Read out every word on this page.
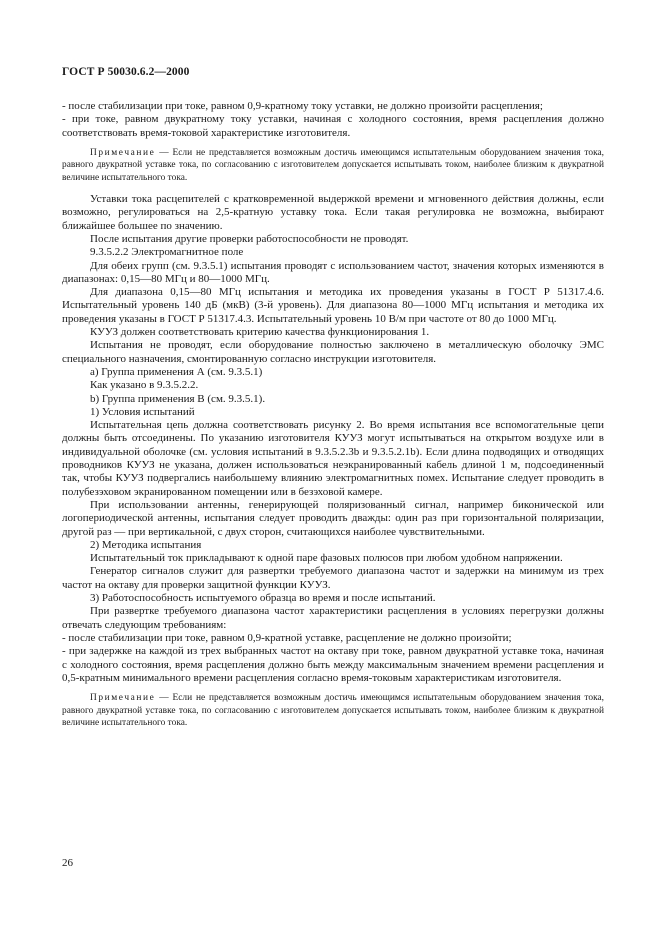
ГОСТ Р 50030.6.2—2000

- после стабилизации при токе, равном 0,9-кратному току уставки, не должно произойти расцепления;

- при токе, равном двукратному току уставки, начиная с холодного состояния, время расцепления должно соответствовать время-токовой характеристике изготовителя.

Примечание — Если не представляется возможным достичь имеющимся испытательным оборудованием значения тока, равного двукратной уставке тока, по согласованию с изготовителем допускается испытывать током, наиболее близким к двукратной величине испытательного тока.

Уставки тока расцепителей с кратковременной выдержкой времени и мгновенного действия должны, если возможно, регулироваться на 2,5-кратную уставку тока. Если такая регулировка не возможна, выбирают ближайшее большее по значению.

После испытания другие проверки работоспособности не проводят.

9.3.5.2.2 Электромагнитное поле

Для обеих групп (см. 9.3.5.1) испытания проводят с использованием частот, значения которых изменяются в диапазонах: 0,15—80 МГц и 80—1000 МГц.

Для диапазона 0,15—80 МГц испытания и методика их проведения указаны в ГОСТ Р 51317.4.6. Испытательный уровень 140 дБ (мкВ) (3-й уровень). Для диапазона 80—1000 МГц испытания и методика их проведения указаны в ГОСТ Р 51317.4.3. Испытательный уровень 10 В/м при частоте от 80 до 1000 МГц.

КУУЗ должен соответствовать критерию качества функционирования 1.

Испытания не проводят, если оборудование полностью заключено в металлическую оболочку ЭМС специального назначения, смонтированную согласно инструкции изготовителя.

а) Группа применения А (см. 9.3.5.1)

Как указано в 9.3.5.2.2.

b) Группа применения В (см. 9.3.5.1).

1) Условия испытаний

Испытательная цепь должна соответствовать рисунку 2. Во время испытания все вспомогательные цепи должны быть отсоединены. По указанию изготовителя КУУЗ могут испытываться на открытом воздухе или в индивидуальной оболочке (см. условия испытаний в 9.3.5.2.3b и 9.3.5.2.1b). Если длина подводящих и отводящих проводников КУУЗ не указана, должен использоваться неэкранированный кабель длиной 1 м, подсоединенный так, чтобы КУУЗ подвергались наибольшему влиянию электромагнитных помех. Испытание следует проводить в полубезэховом экранированном помещении или в безэховой камере.

При использовании антенны, генерирующей поляризованный сигнал, например биконической или логопериодической антенны, испытания следует проводить дважды: один раз при горизонтальной поляризации, другой раз — при вертикальной, с двух сторон, считающихся наиболее чувствительными.

2) Методика испытания

Испытательный ток прикладывают к одной паре фазовых полюсов при любом удобном напряжении.

Генератор сигналов служит для развертки требуемого диапазона частот и задержки на минимум из трех частот на октаву для проверки защитной функции КУУЗ.

3) Работоспособность испытуемого образца во время и после испытаний.

При развертке требуемого диапазона частот характеристики расцепления в условиях перегрузки должны отвечать следующим требованиям:

- после стабилизации при токе, равном 0,9-кратной уставке, расцепление не должно произойти;

- при задержке на каждой из трех выбранных частот на октаву при токе, равном двукратной уставке тока, начиная с холодного состояния, время расцепления должно быть между максимальным значением времени расцепления и 0,5-кратным минимального времени расцепления согласно время-токовым характеристикам изготовителя.

Примечание — Если не представляется возможным достичь имеющимся испытательным оборудованием значения тока, равного двукратной уставке тока, по согласованию с изготовителем допускается испытывать током, наиболее близким к двукратной величине испытательного тока.

26
